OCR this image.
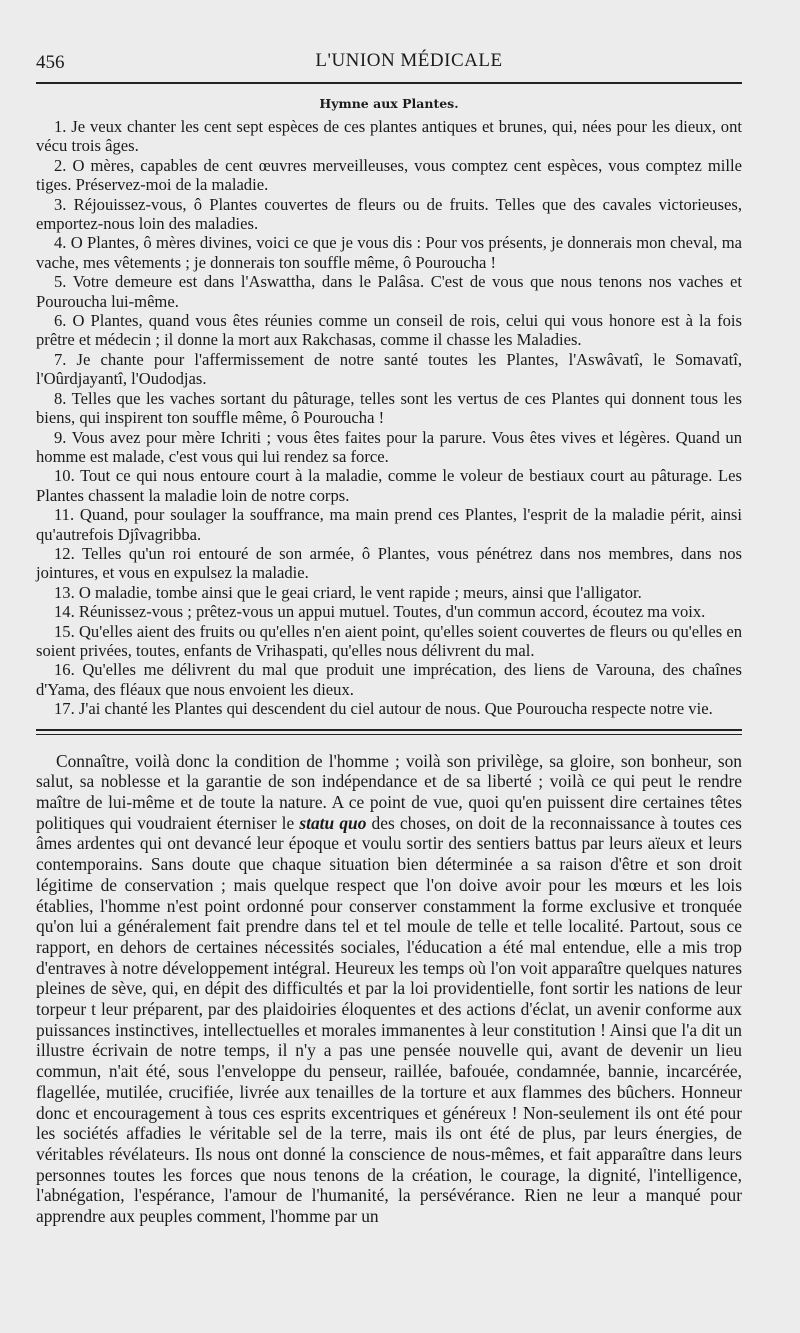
456	L'UNION MÉDICALE
Hymne aux Plantes.

1. Je veux chanter les cent sept espèces de ces plantes antiques et brunes, qui, nées pour les dieux, ont vécu trois âges.

2. O mères, capables de cent œuvres merveilleuses, vous comptez cent espèces, vous comptez mille tiges. Préservez-moi de la maladie.

3. Réjouissez-vous, ô Plantes couvertes de fleurs ou de fruits. Telles que des cavales victorieuses, emportez-nous loin des maladies.

4. O Plantes, ô mères divines, voici ce que je vous dis : Pour vos présents, je donnerais mon cheval, ma vache, mes vêtements ; je donnerais ton souffle même, ô Pouroucha !

5. Votre demeure est dans l'Aswattha, dans le Palâsa. C'est de vous que nous tenons nos vaches et Pouroucha lui-même.

6. O Plantes, quand vous êtes réunies comme un conseil de rois, celui qui vous honore est à la fois prêtre et médecin ; il donne la mort aux Rakchasas, comme il chasse les Maladies.

7. Je chante pour l'affermissement de notre santé toutes les Plantes, l'Aswâvatî, le Somavatî, l'Oûrdjayantî, l'Oudodjas.

8. Telles que les vaches sortant du pâturage, telles sont les vertus de ces Plantes qui donnent tous les biens, qui inspirent ton souffle même, ô Pouroucha !

9. Vous avez pour mère Ichriti ; vous êtes faites pour la parure. Vous êtes vives et légères. Quand un homme est malade, c'est vous qui lui rendez sa force.

10. Tout ce qui nous entoure court à la maladie, comme le voleur de bestiaux court au pâturage. Les Plantes chassent la maladie loin de notre corps.

11. Quand, pour soulager la souffrance, ma main prend ces Plantes, l'esprit de la maladie périt, ainsi qu'autrefois Djîvagribba.

12. Telles qu'un roi entouré de son armée, ô Plantes, vous pénétrez dans nos membres, dans nos jointures, et vous en expulsez la maladie.

13. O maladie, tombe ainsi que le geai criard, le vent rapide ; meurs, ainsi que l'alligator.

14. Réunissez-vous ; prêtez-vous un appui mutuel. Toutes, d'un commun accord, écoutez ma voix.

15. Qu'elles aient des fruits ou qu'elles n'en aient point, qu'elles soient couvertes de fleurs ou qu'elles en soient privées, toutes, enfants de Vrihaspati, qu'elles nous délivrent du mal.

16. Qu'elles me délivrent du mal que produit une imprécation, des liens de Varouna, des chaînes d'Yama, des fléaux que nous envoient les dieux.

17. J'ai chanté les Plantes qui descendent du ciel autour de nous. Que Pouroucha respecte notre vie.

Connaître, voilà donc la condition de l'homme ; voilà son privilège, sa gloire, son bonheur, son salut, sa noblesse et la garantie de son indépendance et de sa liberté ; voilà ce qui peut le rendre maître de lui-même et de toute la nature. A ce point de vue, quoi qu'en puissent dire certaines têtes politiques qui voudraient éterniser le statu quo des choses, on doit de la reconnaissance à toutes ces âmes ardentes qui ont devancé leur époque et voulu sortir des sentiers battus par leurs aïeux et leurs contemporains. Sans doute que chaque situation bien déterminée a sa raison d'être et son droit légitime de conservation ; mais quelque respect que l'on doive avoir pour les mœurs et les lois établies, l'homme n'est point ordonné pour conserver constamment la forme exclusive et tronquée qu'on lui a généralement fait prendre dans tel et tel moule de telle et telle localité. Partout, sous ce rapport, en dehors de certaines nécessités sociales, l'éducation a été mal entendue, elle a mis trop d'entraves à notre développement intégral. Heureux les temps où l'on voit apparaître quelques natures pleines de sève, qui, en dépit des difficultés et par la loi providentielle, font sortir les nations de leur torpeur t leur préparent, par des plaidoiries éloquentes et des actions d'éclat, un avenir conforme aux puissances instinctives, intellectuelles et morales immanentes à leur constitution ! Ainsi que l'a dit un illustre écrivain de notre temps, il n'y a pas une pensée nouvelle qui, avant de devenir un lieu commun, n'ait été, sous l'enveloppe du penseur, raillée, bafouée, condamnée, bannie, incarcérée, flagellée, mutilée, crucifiée, livrée aux tenailles de la torture et aux flammes des bûchers. Honneur donc et encouragement à tous ces esprits excentriques et généreux ! Non-seulement ils ont été pour les sociétés affadies le véritable sel de la terre, mais ils ont été de plus, par leurs énergies, de véritables révélateurs. Ils nous ont donné la conscience de nous-mêmes, et fait apparaître dans leurs personnes toutes les forces que nous tenons de la création, le courage, la dignité, l'intelligence, l'abnégation, l'espérance, l'amour de l'humanité, la persévérance. Rien ne leur a manqué pour apprendre aux peuples comment, l'homme par un
